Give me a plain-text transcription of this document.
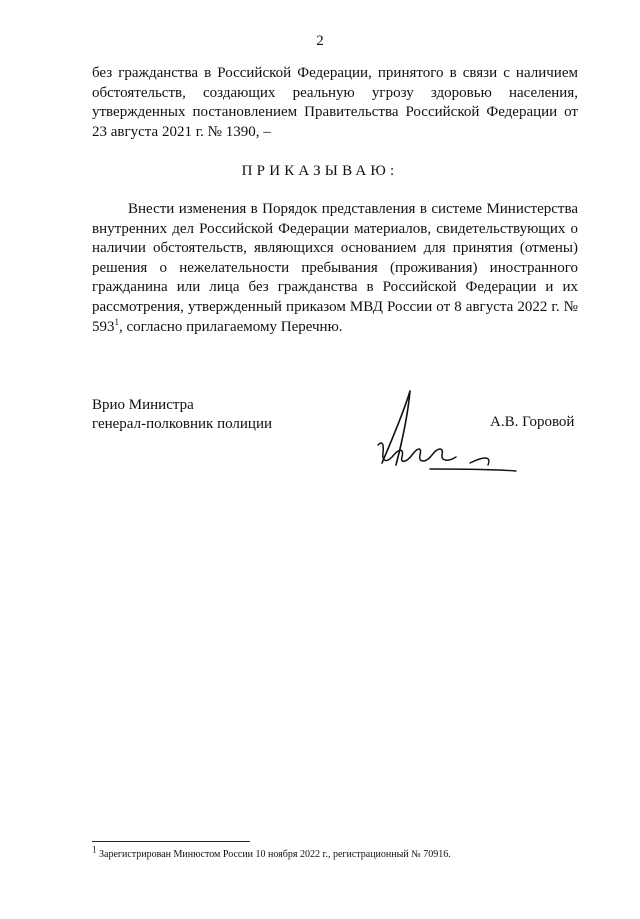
2

без гражданства в Российской Федерации, принятого в связи с наличием обстоятельств, создающих реальную угрозу здоровью населения, утвержденных постановлением Правительства Российской Федерации от 23 августа 2021 г. № 1390, –

ПРИКАЗЫВАЮ:

Внести изменения в Порядок представления в системе Министерства внутренних дел Российской Федерации материалов, свидетельствующих о наличии обстоятельств, являющихся основанием для принятия (отмены) решения о нежелательности пребывания (проживания) иностранного гражданина или лица без гражданства в Российской Федерации и их рассмотрения, утвержденный приказом МВД России от 8 августа 2022 г. № $593^1$, согласно прилагаемому Перечню.

Врио Министра
генерал-полковник полиции	А.В. Горовой
$^1$ Зарегистрирован Минюстом России 10 ноября 2022 г., регистрационный № 70916.
